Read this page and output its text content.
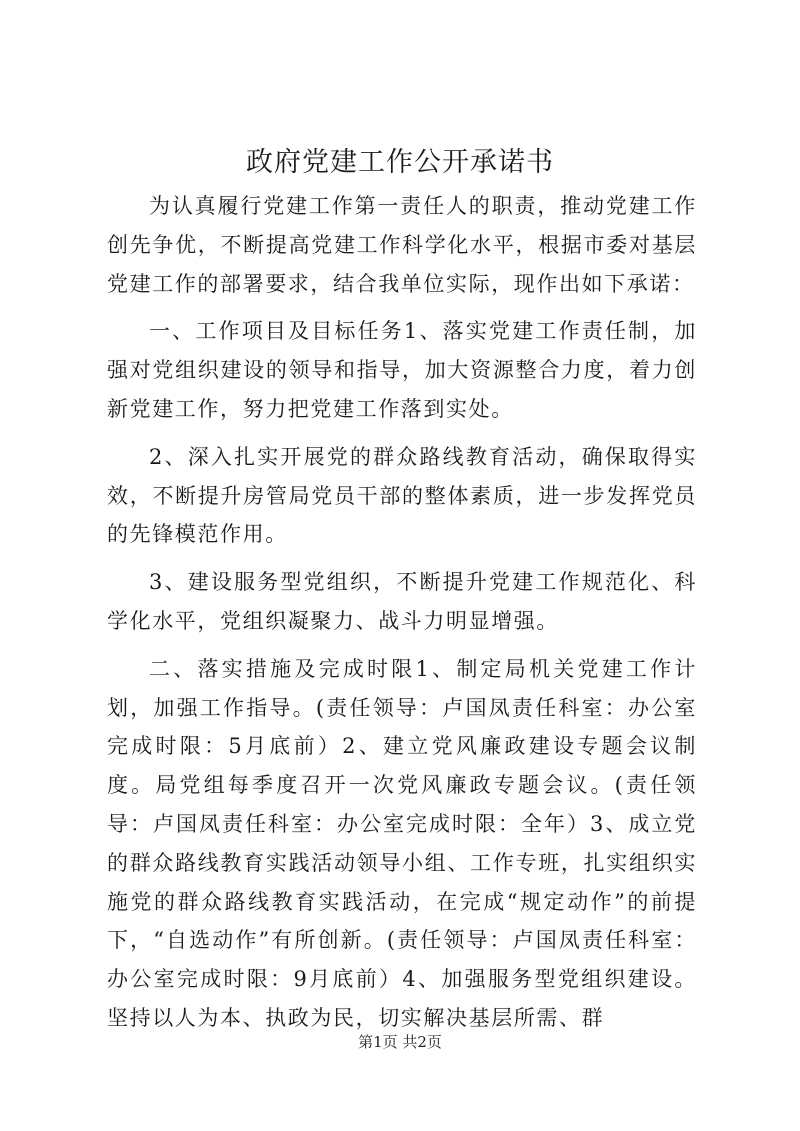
政府党建工作公开承诺书

为认真履行党建工作第一责任人的职责，推动党建工作创先争优，不断提高党建工作科学化水平，根据市委对基层党建工作的部署要求，结合我单位实际，现作出如下承诺：

一、工作项目及目标任务1、落实党建工作责任制，加强对党组织建设的领导和指导，加大资源整合力度，着力创新党建工作，努力把党建工作落到实处。

2、深入扎实开展党的群众路线教育活动，确保取得实效，不断提升房管局党员干部的整体素质，进一步发挥党员的先锋模范作用。

3、建设服务型党组织，不断提升党建工作规范化、科学化水平，党组织凝聚力、战斗力明显增强。

二、落实措施及完成时限1、制定局机关党建工作计划，加强工作指导。(责任领导：卢国凤责任科室：办公室完成时限：5月底前）2、建立党风廉政建设专题会议制度。局党组每季度召开一次党风廉政专题会议。(责任领导：卢国凤责任科室：办公室完成时限：全年）3、成立党的群众路线教育实践活动领导小组、工作专班，扎实组织实施党的群众路线教育实践活动，在完成“规定动作”的前提下，“自选动作”有所创新。(责任领导：卢国凤责任科室：办公室完成时限：9月底前）4、加强服务型党组织建设。坚持以人为本、执政为民，切实解决基层所需、群

第1页 共2页
